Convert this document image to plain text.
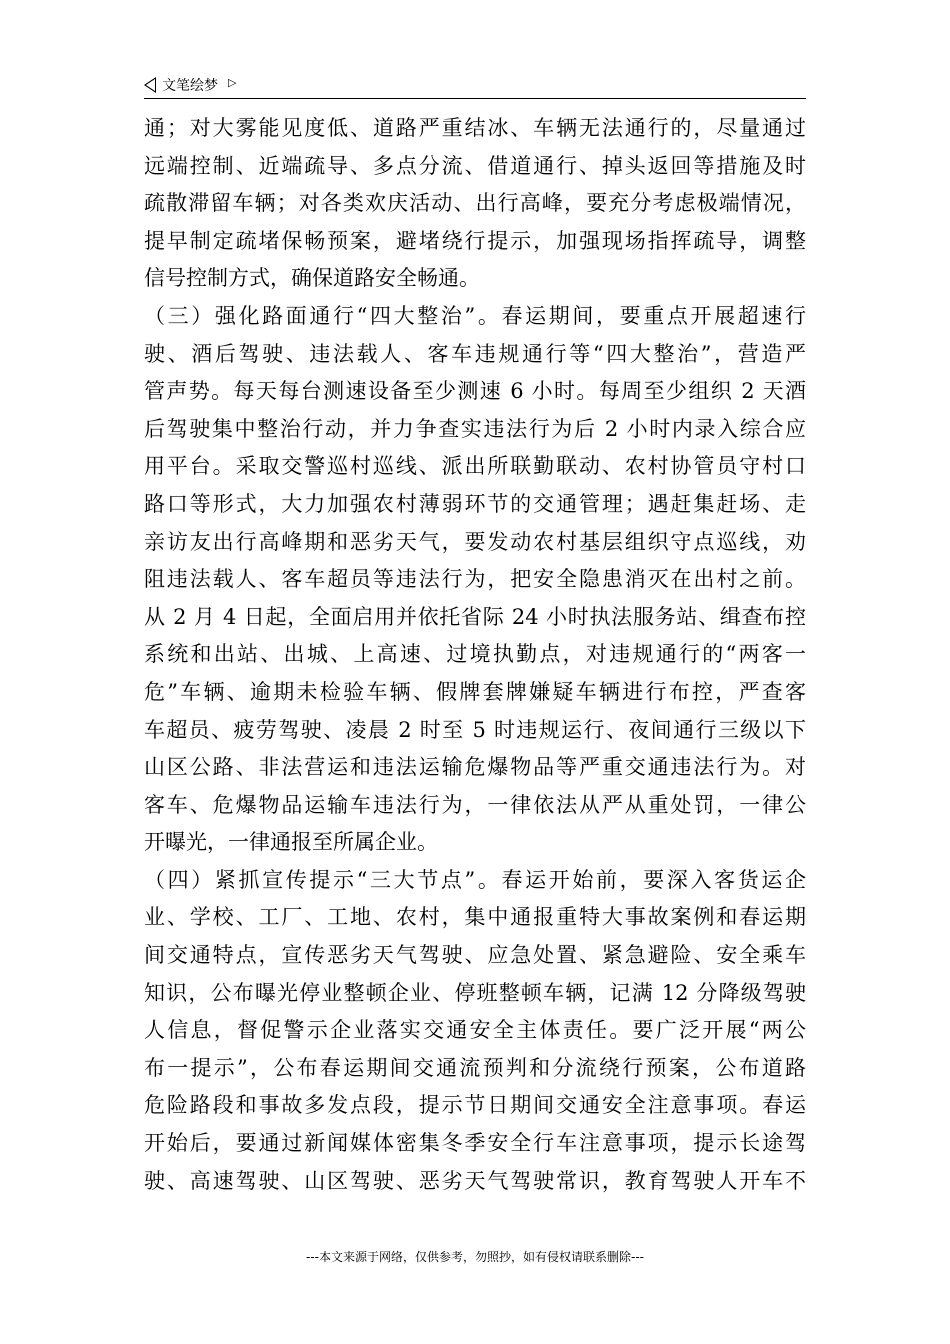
文笔绘梦 ▷
通；对大雾能见度低、道路严重结冰、车辆无法通行的，尽量通过
远端控制、近端疏导、多点分流、借道通行、掉头返回等措施及时
疏散滞留车辆；对各类欢庆活动、出行高峰，要充分考虑极端情况，
提早制定疏堵保畅预案，避堵绕行提示，加强现场指挥疏导，调整
信号控制方式，确保道路安全畅通。
（三）强化路面通行“四大整治”。春运期间，要重点开展超速行
驶、酒后驾驶、违法载人、客车违规通行等“四大整治”，营造严
管声势。每天每台测速设备至少测速 6 小时。每周至少组织 2 天酒
后驾驶集中整治行动，并力争查实违法行为后 2 小时内录入综合应
用平台。采取交警巡村巡线、派出所联勤联动、农村协管员守村口
路口等形式，大力加强农村薄弱环节的交通管理；遇赶集赶场、走
亲访友出行高峰期和恶劣天气，要发动农村基层组织守点巡线，劝
阻违法载人、客车超员等违法行为，把安全隐患消灭在出村之前。
从 2 月 4 日起，全面启用并依托省际 24 小时执法服务站、缉查布控
系统和出站、出城、上高速、过境执勤点，对违规通行的“两客一
危”车辆、逾期未检验车辆、假牌套牌嫌疑车辆进行布控，严查客
车超员、疲劳驾驶、凌晨 2 时至 5 时违规运行、夜间通行三级以下
山区公路、非法营运和违法运输危爆物品等严重交通违法行为。对
客车、危爆物品运输车违法行为，一律依法从严从重处罚，一律公
开曝光，一律通报至所属企业。
（四）紧抓宣传提示“三大节点”。春运开始前，要深入客货运企
业、学校、工厂、工地、农村，集中通报重特大事故案例和春运期
间交通特点，宣传恶劣天气驾驶、应急处置、紧急避险、安全乘车
知识，公布曝光停业整顿企业、停班整顿车辆，记满 12 分降级驾驶
人信息，督促警示企业落实交通安全主体责任。要广泛开展“两公
布一提示”，公布春运期间交通流预判和分流绕行预案，公布道路
危险路段和事故多发点段，提示节日期间交通安全注意事项。春运
开始后，要通过新闻媒体密集冬季安全行车注意事项，提示长途驾
驶、高速驾驶、山区驾驶、恶劣天气驾驶常识，教育驾驶人开车不
---本文来源于网络，仅供参考，勿照抄，如有侵权请联系删除---
